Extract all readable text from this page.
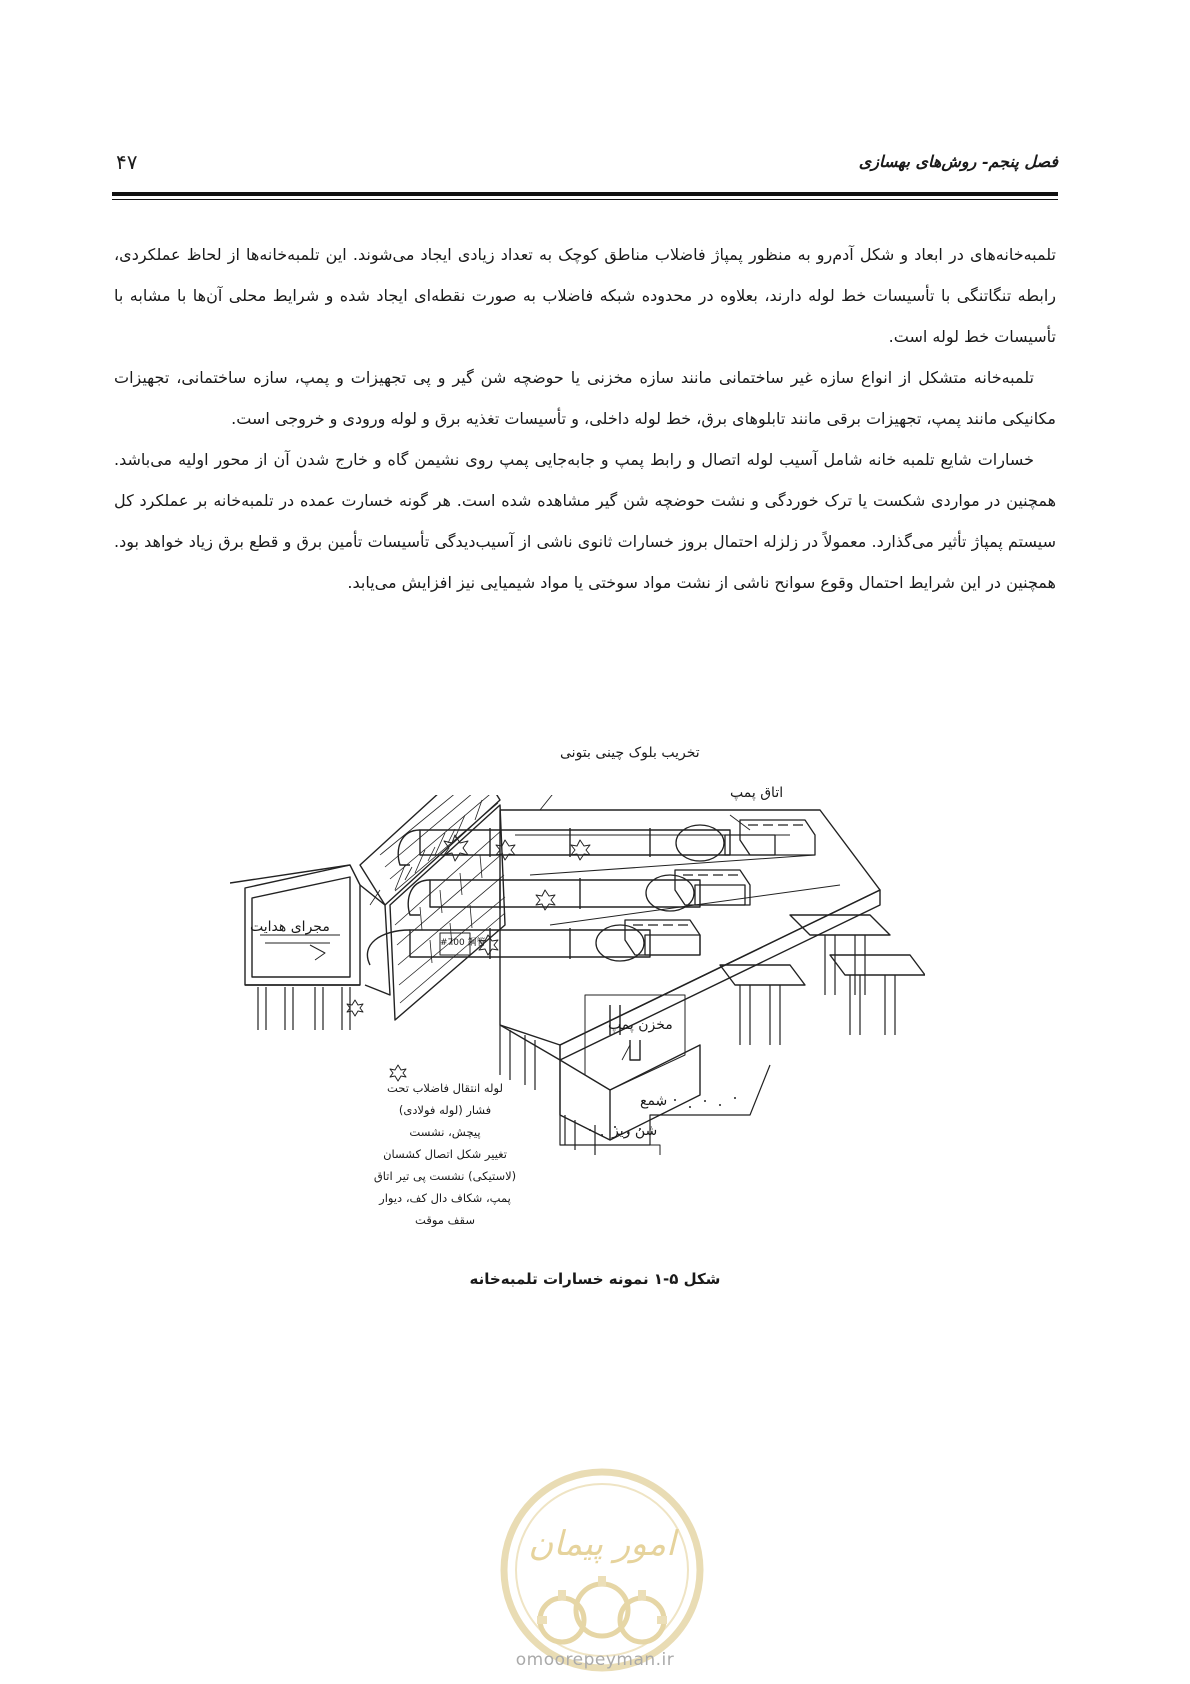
فصل پنجم- روش‌های بهسازی
۴۷

تلمبه‌خانه‌های در ابعاد و شکل آدم‌رو به منظور پمپاژ فاضلاب مناطق کوچک به تعداد زیادی ایجاد می‌شوند. این تلمبه‌خانه‌ها از لحاظ عملکردی، رابطه تنگاتنگی با تأسیسات خط لوله دارند، بعلاوه در محدوده شبکه فاضلاب به صورت نقطه‌ای ایجاد شده و شرایط محلی آن‌ها با مشابه با تأسیسات خط لوله است.

تلمبه‌خانه متشکل از انواع سازه غیر ساختمانی مانند سازه مخزنی یا حوضچه شن گیر و پی تجهیزات و پمپ، سازه ساختمانی، تجهیزات مکانیکی مانند پمپ، تجهیزات برقی مانند تابلوهای برق، خط لوله داخلی، و تأسیسات تغذیه برق و لوله ورودی و خروجی است.

خسارات شایع تلمبه خانه شامل آسیب لوله اتصال و رابط پمپ و جابه‌جایی پمپ روی نشیمن گاه و خارج شدن آن از محور اولیه می‌باشد. همچنین در مواردی شکست یا ترک خوردگی و نشت حوضچه شن گیر مشاهده شده است. هر گونه خسارت عمده در تلمبه‌خانه بر عملکرد کل سیستم پمپاژ تأثیر می‌گذارد. معمولاً در زلزله احتمال بروز خسارات ثانوی ناشی از آسیب‌دیدگی تأسیسات تأمین برق و قطع برق زیاد خواهد بود. همچنین در این شرایط احتمال وقوع سوانح ناشی از نشت مواد سوختی یا مواد شیمیایی نیز افزایش می‌یابد.

تخریب بلوک چینی بتونی
اتاق پمپ
مجرای هدایت
مخزن پمپ
شمع
شن ریز
#700 鋼管
لوله انتقال فاضلاب تحت
فشار (لوله فولادی)
پیچش، نشست
تغییر شکل اتصال کشسان
(لاستیکی) نشست پی تیر اتاق
پمپ، شکاف دال کف، دیوار
سقف موقت
شکل ۵-۱ نمونه خسارات تلمبه‌خانه
امور پیمان
omoorepeyman.ir
